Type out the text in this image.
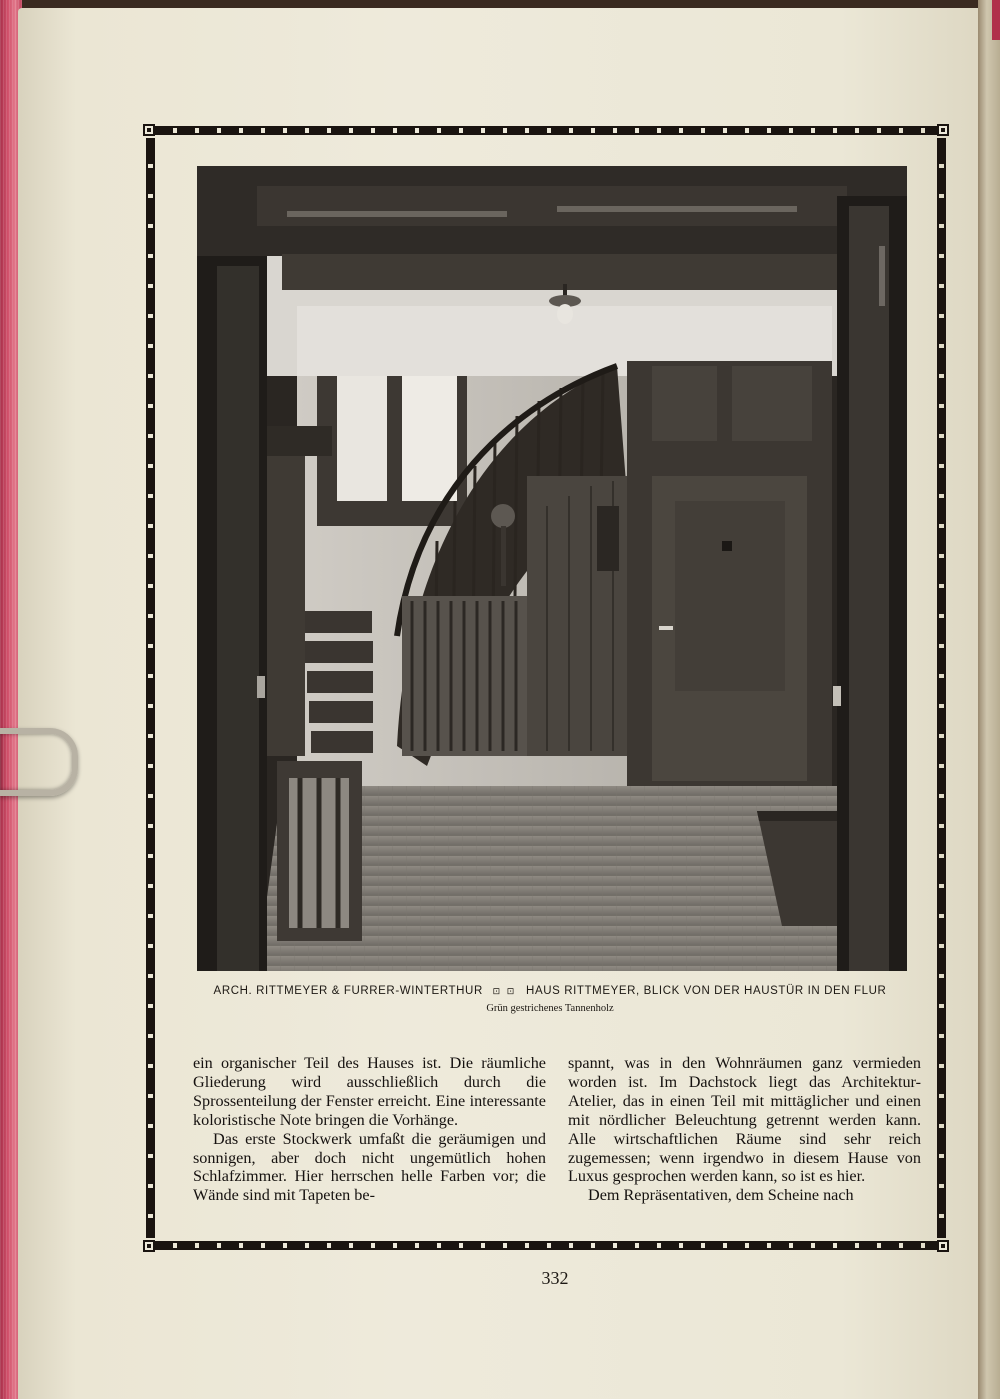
ARCH. RITTMEYER & FURRER-WINTERTHUR ⊡ ⊡ HAUS RITTMEYER, BLICK VON DER HAUSTÜR IN DEN FLUR
Grün gestrichenes Tannenholz

ein organischer Teil des Hauses ist. Die räumliche Gliederung wird ausschließlich durch die Sprossenteilung der Fenster erreicht. Eine interessante koloristische Note bringen die Vorhänge.

Das erste Stockwerk umfaßt die geräumigen und sonnigen, aber doch nicht ungemütlich hohen Schlafzimmer. Hier herrschen helle Farben vor; die Wände sind mit Tapeten be-

spannt, was in den Wohnräumen ganz vermieden worden ist. Im Dachstock liegt das Architektur-Atelier, das in einen Teil mit mittäglicher und einen mit nördlicher Beleuchtung getrennt werden kann. Alle wirtschaftlichen Räume sind sehr reich zugemessen; wenn irgendwo in diesem Hause von Luxus gesprochen werden kann, so ist es hier.

Dem Repräsentativen, dem Scheine nach

332
